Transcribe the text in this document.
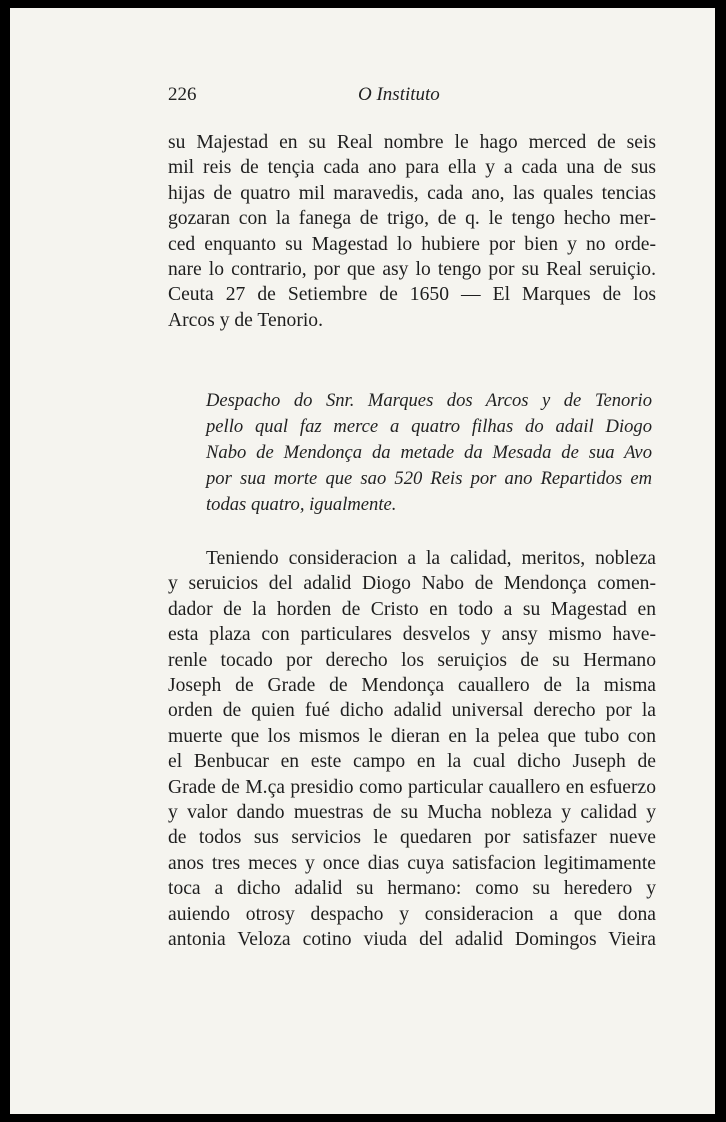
226	O Instituto
su Majestad en su Real nombre le hago merced de seis
mil reis de tençia cada ano para ella y a cada una de sus
hijas de quatro mil maravedis, cada ano, las quales tencias
gozaran con la fanega de trigo, de q. le tengo hecho mer-
ced enquanto su Magestad lo hubiere por bien y no orde-
nare lo contrario, por que asy lo tengo por su Real seruiçio.
Ceuta 27 de Setiembre de 1650 — El Marques de los
Arcos y de Tenorio.
Despacho do Snr. Marques dos Arcos y de Tenorio
pello qual faz merce a quatro filhas do adail Diogo
Nabo de Mendonça da metade da Mesada de sua Avo
por sua morte que sao 520 Reis por ano Repartidos em
todas quatro, igualmente.
Teniendo consideracion a la calidad, meritos, nobleza
y seruicios del adalid Diogo Nabo de Mendonça comen-
dador de la horden de Cristo en todo a su Magestad en
esta plaza con particulares desvelos y ansy mismo have-
renle tocado por derecho los seruiçios de su Hermano
Joseph de Grade de Mendonça cauallero de la misma
orden de quien fué dicho adalid universal derecho por la
muerte que los mismos le dieran en la pelea que tubo con
el Benbucar en este campo en la cual dicho Juseph de
Grade de M.ça presidio como particular cauallero en esfuerzo
y valor dando muestras de su Mucha nobleza y calidad y
de todos sus servicios le quedaren por satisfazer nueve
anos tres meces y once dias cuya satisfacion legitimamente
toca a dicho adalid su hermano: como su heredero y
auiendo otrosy despacho y consideracion a que dona
antonia Veloza cotino viuda del adalid Domingos Vieira
